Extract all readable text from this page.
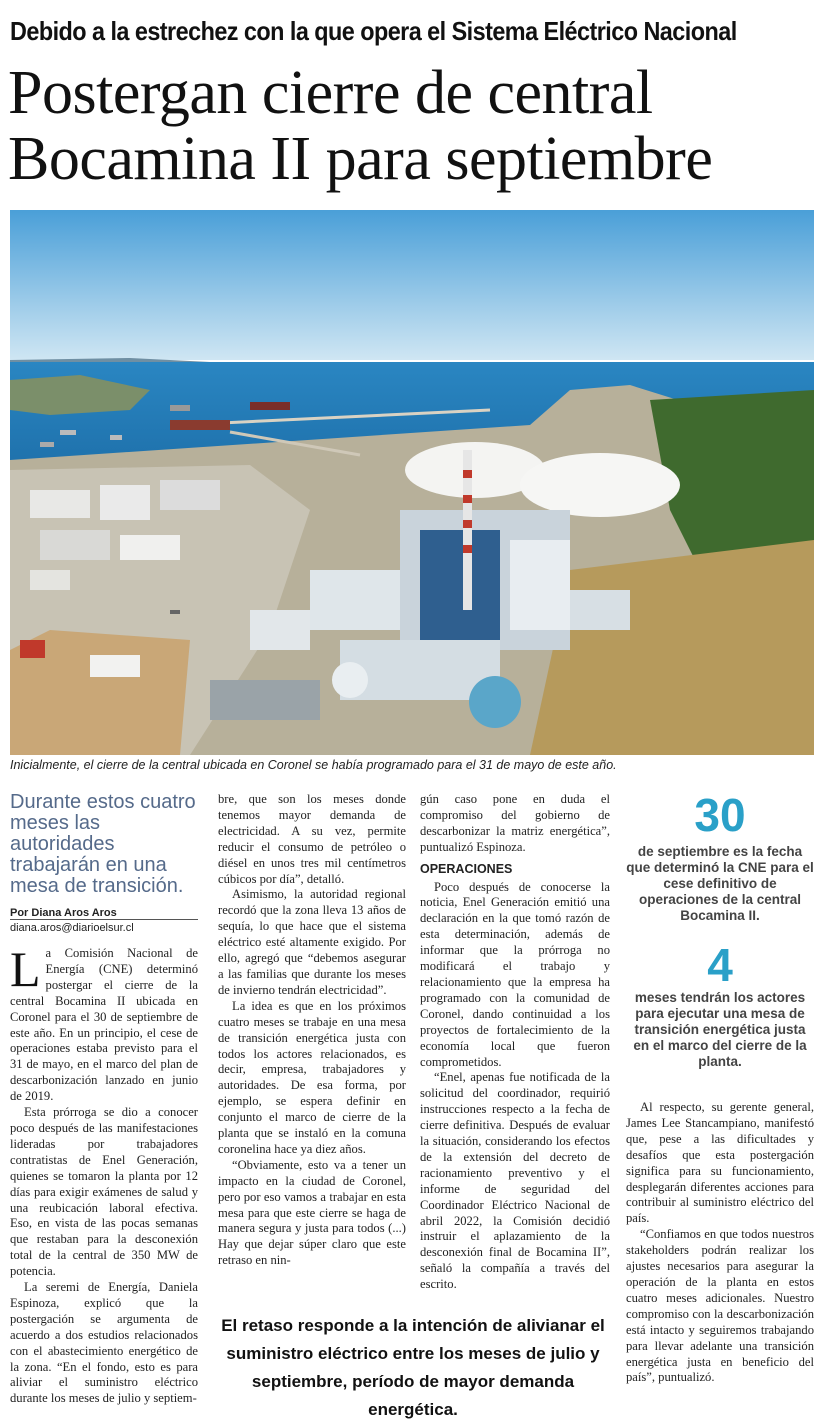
Debido a la estrechez con la que opera el Sistema Eléctrico Nacional
Postergan cierre de central
Bocamina II para septiembre
Inicialmente, el cierre de la central ubicada en Coronel se había programado para el 31 de mayo de este año.
Durante estos cuatro meses las autoridades trabajarán en una mesa de transición.
Por Diana Aros Aros
diana.aros@diarioelsur.cl

La Comisión Nacional de Energía (CNE) determinó postergar el cierre de la central Bocamina II ubicada en Coronel para el 30 de septiembre de este año. En un principio, el cese de operaciones estaba previsto para el 31 de mayo, en el marco del plan de descarbonización lanzado en junio de 2019.

Esta prórroga se dio a conocer poco después de las manifestaciones lideradas por trabajadores contratistas de Enel Generación, quienes se tomaron la planta por 12 días para exigir exámenes de salud y una reubicación laboral efectiva. Eso, en vista de las pocas semanas que restaban para la desconexión total de la central de 350 MW de potencia.

La seremi de Energía, Daniela Espinoza, explicó que la postergación se argumenta de acuerdo a dos estudios relacionados con el abastecimiento energético de la zona. “En el fondo, esto es para aliviar el suministro eléctrico durante los meses de julio y septiem-

bre, que son los meses donde tenemos mayor demanda de electricidad. A su vez, permite reducir el consumo de petróleo o diésel en unos tres mil centímetros cúbicos por día”, detalló.

Asimismo, la autoridad regional recordó que la zona lleva 13 años de sequía, lo que hace que el sistema eléctrico esté altamente exigido. Por ello, agregó que “debemos asegurar a las familias que durante los meses de invierno tendrán electricidad”.

La idea es que en los próximos cuatro meses se trabaje en una mesa de transición energética justa con todos los actores relacionados, es decir, empresa, trabajadores y autoridades. De esa forma, por ejemplo, se espera definir en conjunto el marco de cierre de la planta que se instaló en la comuna coronelina hace ya diez años.

“Obviamente, esto va a tener un impacto en la ciudad de Coronel, pero por eso vamos a trabajar en esta mesa para que este cierre se haga de manera segura y justa para todos (...) Hay que dejar súper claro que este retraso en nin-

gún caso pone en duda el compromiso del gobierno de descarbonizar la matriz energética”, puntualizó Espinoza.

OPERACIONES

Poco después de conocerse la noticia, Enel Generación emitió una declaración en la que tomó razón de esta determinación, además de informar que la prórroga no modificará el trabajo y relacionamiento que la empresa ha programado con la comunidad de Coronel, dando continuidad a los proyectos de fortalecimiento de la economía local que fueron comprometidos.

“Enel, apenas fue notificada de la solicitud del coordinador, requirió instrucciones respecto a la fecha de cierre definitiva. Después de evaluar la situación, considerando los efectos de la extensión del decreto de racionamiento preventivo y el informe de seguridad del Coordinador Eléctrico Nacional de abril 2022, la Comisión decidió instruir el aplazamiento de la desconexión final de Bocamina II”, señaló la compañía a través del escrito.

30
de septiembre es la fecha que determinó la CNE para el cese definitivo de operaciones de la central Bocamina II.
4
meses tendrán los actores para ejecutar una mesa de transición energética justa en el marco del cierre de la planta.

Al respecto, su gerente general, James Lee Stancampiano, manifestó que, pese a las dificultades y desafíos que esta postergación significa para su funcionamiento, desplegarán diferentes acciones para contribuir al suministro eléctrico del país.

“Confiamos en que todos nuestros stakeholders podrán realizar los ajustes necesarios para asegurar la operación de la planta en estos cuatro meses adicionales. Nuestro compromiso con la descarbonización está intacto y seguiremos trabajando para llevar adelante una transición energética justa en beneficio del país”, puntualizó.

El retaso responde a la intención de alivianar el suministro eléctrico entre los meses de julio y septiembre, período de mayor demanda energética.
